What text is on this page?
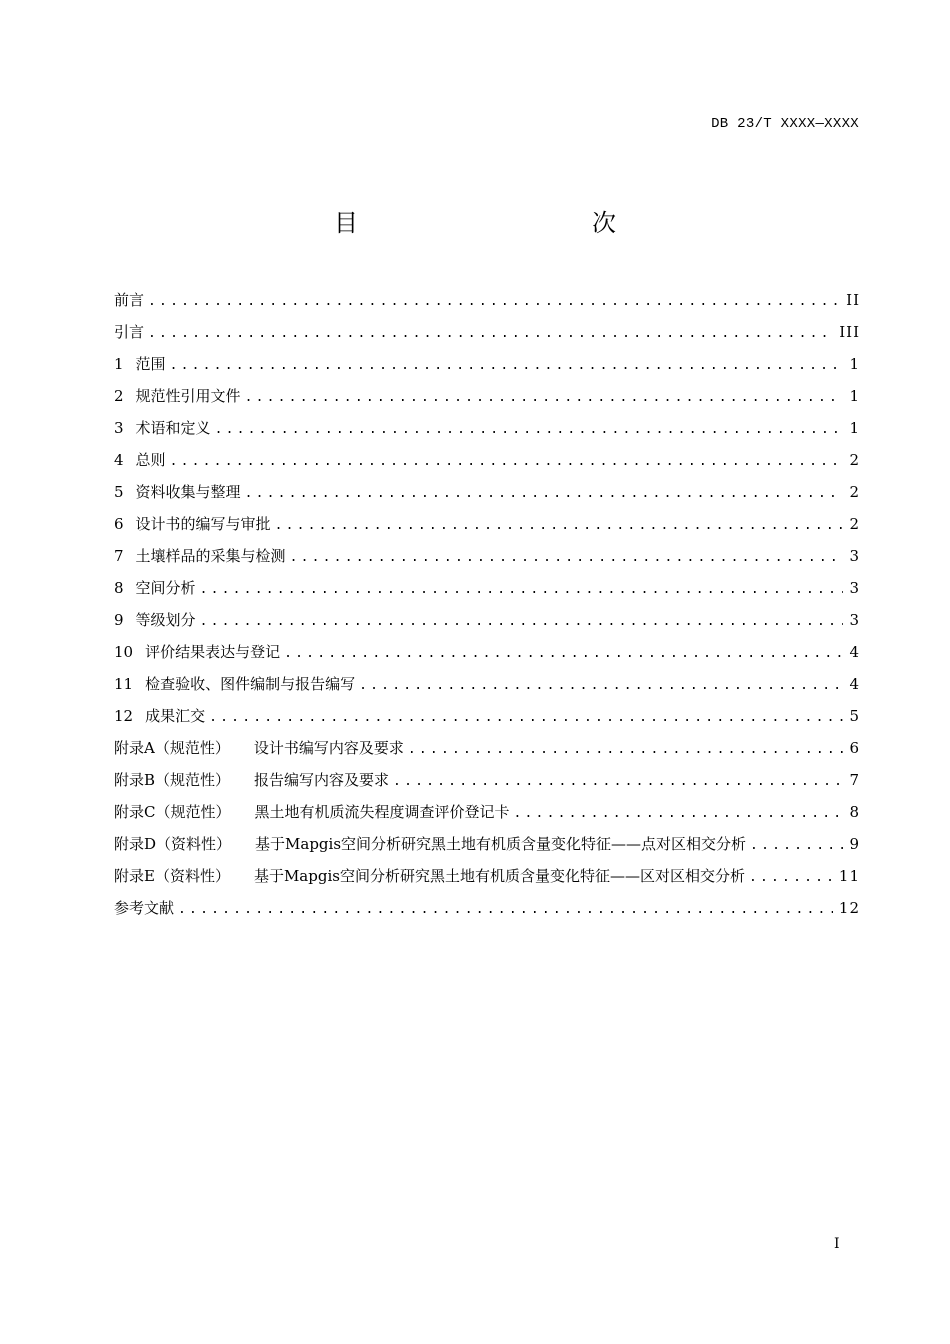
DB 23/T XXXX—XXXX
目　　次
前言 .....	II
引言 .....	III
1 范围 .....	1
2 规范性引用文件 .....	1
3 术语和定义 .....	1
4 总则 .....	2
5 资料收集与整理 .....	2
6 设计书的编写与审批 .....	2
7 土壤样品的采集与检测 .....	3
8 空间分析 .....	3
9 等级划分 .....	3
10 评价结果表达与登记 .....	4
11 检查验收、图件编制与报告编写 .....	4
12 成果汇交 .....	5
附录A（规范性） 设计书编写内容及要求 .....	6
附录B（规范性） 报告编写内容及要求 .....	7
附录C（规范性） 黑土地有机质流失程度调查评价登记卡 .....	8
附录D（资料性） 基于Mapgis空间分析研究黑土地有机质含量变化特征——点对区相交分析 .....	9
附录E（资料性） 基于Mapgis空间分析研究黑土地有机质含量变化特征——区对区相交分析 .....	11
参考文献 .....	12
I
